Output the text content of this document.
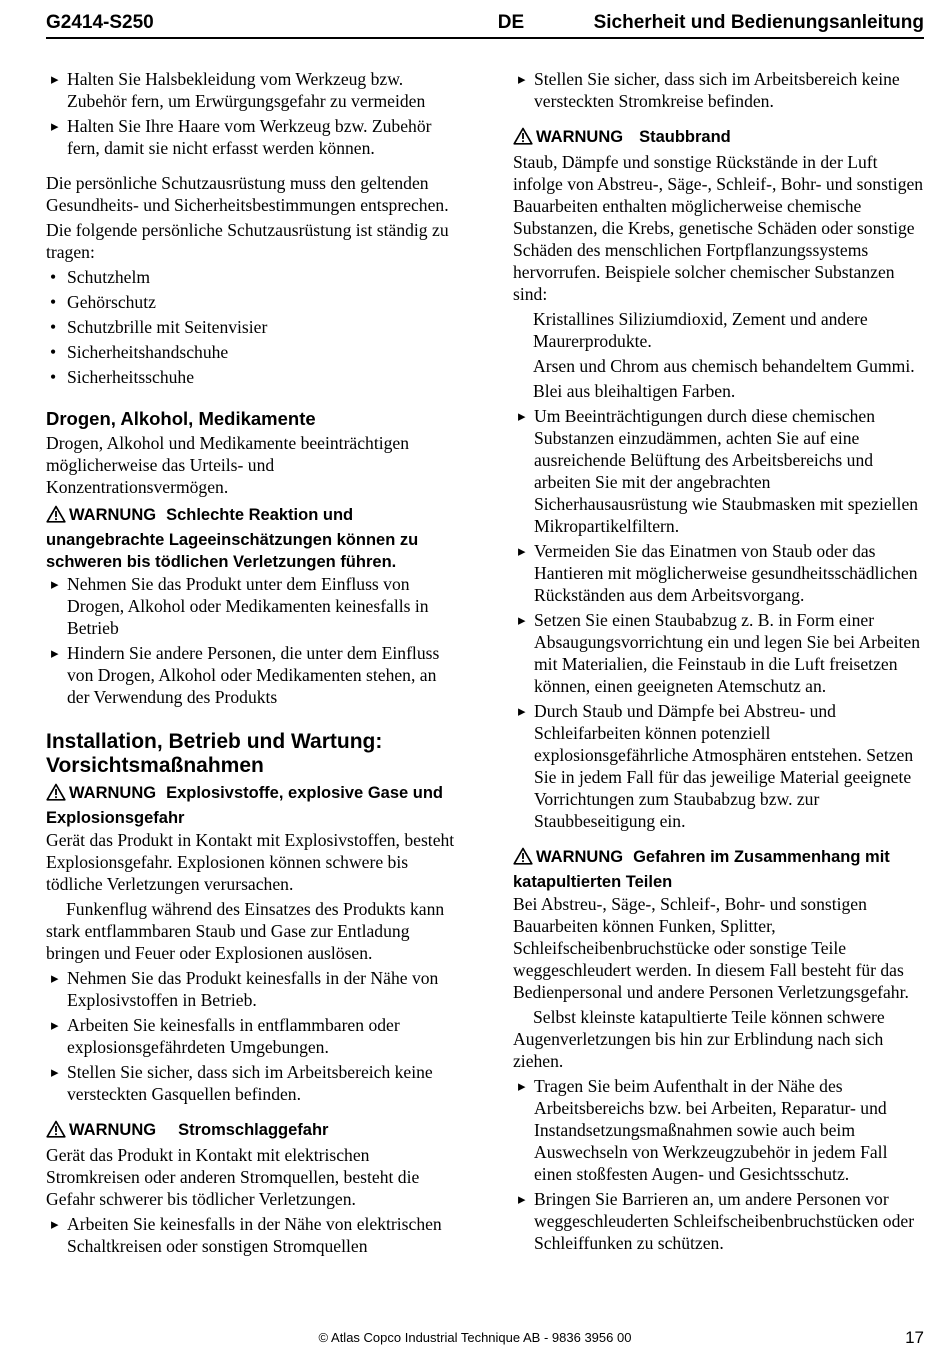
G2414-S250	DE	Sicherheit und Bedienungsanleitung

▸ Halten Sie Halsbekleidung vom Werkzeug bzw. Zubehör fern, um Erwürgungsgefahr zu vermeiden

▸ Halten Sie Ihre Haare vom Werkzeug bzw. Zubehör fern, damit sie nicht erfasst werden können.

Die persönliche Schutzausrüstung muss den geltenden Gesundheits- und Sicherheitsbestimmungen entsprechen.

Die folgende persönliche Schutzausrüstung ist ständig zu tragen:

• Schutzhelm
• Gehörschutz
• Schutzbrille mit Seitenvisier
• Sicherheitshandschuhe
• Sicherheitsschuhe
Drogen, Alkohol, Medikamente

Drogen, Alkohol und Medikamente beeinträchtigen möglicherweise das Urteils- und Konzentrationsvermögen.

WARNUNG Schlechte Reaktion und unangebrachte Lageeinschätzungen können zu schweren bis tödlichen Verletzungen führen.

▸ Nehmen Sie das Produkt unter dem Einfluss von Drogen, Alkohol oder Medikamenten keinesfalls in Betrieb

▸ Hindern Sie andere Personen, die unter dem Einfluss von Drogen, Alkohol oder Medikamenten stehen, an der Verwendung des Produkts

Installation, Betrieb und Wartung: Vorsichtsmaßnahmen

WARNUNG Explosivstoffe, explosive Gase und Explosionsgefahr

Gerät das Produkt in Kontakt mit Explosivstoffen, besteht Explosionsgefahr. Explosionen können schwere bis tödliche Verletzungen verursachen.

Funkenflug während des Einsatzes des Produkts kann stark entflammbaren Staub und Gase zur Entladung bringen und Feuer oder Explosionen auslösen.

▸ Nehmen Sie das Produkt keinesfalls in der Nähe von Explosivstoffen in Betrieb.

▸ Arbeiten Sie keinesfalls in entflammbaren oder explosionsgefährdeten Umgebungen.

▸ Stellen Sie sicher, dass sich im Arbeitsbereich keine versteckten Gasquellen befinden.

WARNUNG Stromschlaggefahr

Gerät das Produkt in Kontakt mit elektrischen Stromkreisen oder anderen Stromquellen, besteht die Gefahr schwerer bis tödlicher Verletzungen.

▸ Arbeiten Sie keinesfalls in der Nähe von elektrischen Schaltkreisen oder sonstigen Stromquellen

▸ Stellen Sie sicher, dass sich im Arbeitsbereich keine versteckten Stromkreise befinden.

WARNUNG Staubbrand

Staub, Dämpfe und sonstige Rückstände in der Luft infolge von Abstreu-, Säge-, Schleif-, Bohr- und sonstigen Bauarbeiten enthalten möglicherweise chemische Substanzen, die Krebs, genetische Schäden oder sonstige Schäden des menschlichen Fortpflanzungssystems hervorrufen. Beispiele solcher chemischer Substanzen sind:

Kristallines Siliziumdioxid, Zement und andere Maurerprodukte.

Arsen und Chrom aus chemisch behandeltem Gummi.

Blei aus bleihaltigen Farben.

▸ Um Beeinträchtigungen durch diese chemischen Substanzen einzudämmen, achten Sie auf eine ausreichende Belüftung des Arbeitsbereichs und arbeiten Sie mit der angebrachten Sicherhausausrüstung wie Staubmasken mit speziellen Mikropartikelfiltern.

▸ Vermeiden Sie das Einatmen von Staub oder das Hantieren mit möglicherweise gesundheitsschädlichen Rückständen aus dem Arbeitsvorgang.

▸ Setzen Sie einen Staubabzug z. B. in Form einer Absaugungsvorrichtung ein und legen Sie bei Arbeiten mit Materialien, die Feinstaub in die Luft freisetzen können, einen geeigneten Atemschutz an.

▸ Durch Staub und Dämpfe bei Abstreu- und Schleifarbeiten können potenziell explosionsgefährliche Atmosphären entstehen. Setzen Sie in jedem Fall für das jeweilige Material geeignete Vorrichtungen zum Staubabzug bzw. zur Staubbeseitigung ein.

WARNUNG Gefahren im Zusammenhang mit katapultierten Teilen

Bei Abstreu-, Säge-, Schleif-, Bohr- und sonstigen Bauarbeiten können Funken, Splitter, Schleifscheibenbruchstücke oder sonstige Teile weggeschleudert werden. In diesem Fall besteht für das Bedienpersonal und andere Personen Verletzungsgefahr.

Selbst kleinste katapultierte Teile können schwere Augenverletzungen bis hin zur Erblindung nach sich ziehen.

▸ Tragen Sie beim Aufenthalt in der Nähe des Arbeitsbereichs bzw. bei Arbeiten, Reparatur- und Instandsetzungsmaßnahmen sowie auch beim Auswechseln von Werkzeugzubehör in jedem Fall einen stoßfesten Augen- und Gesichtsschutz.

▸ Bringen Sie Barrieren an, um andere Personen vor weggeschleuderten Schleifscheibenbruchstücken oder Schleiffunken zu schützen.

© Atlas Copco Industrial Technique AB - 9836 3956 00	17
